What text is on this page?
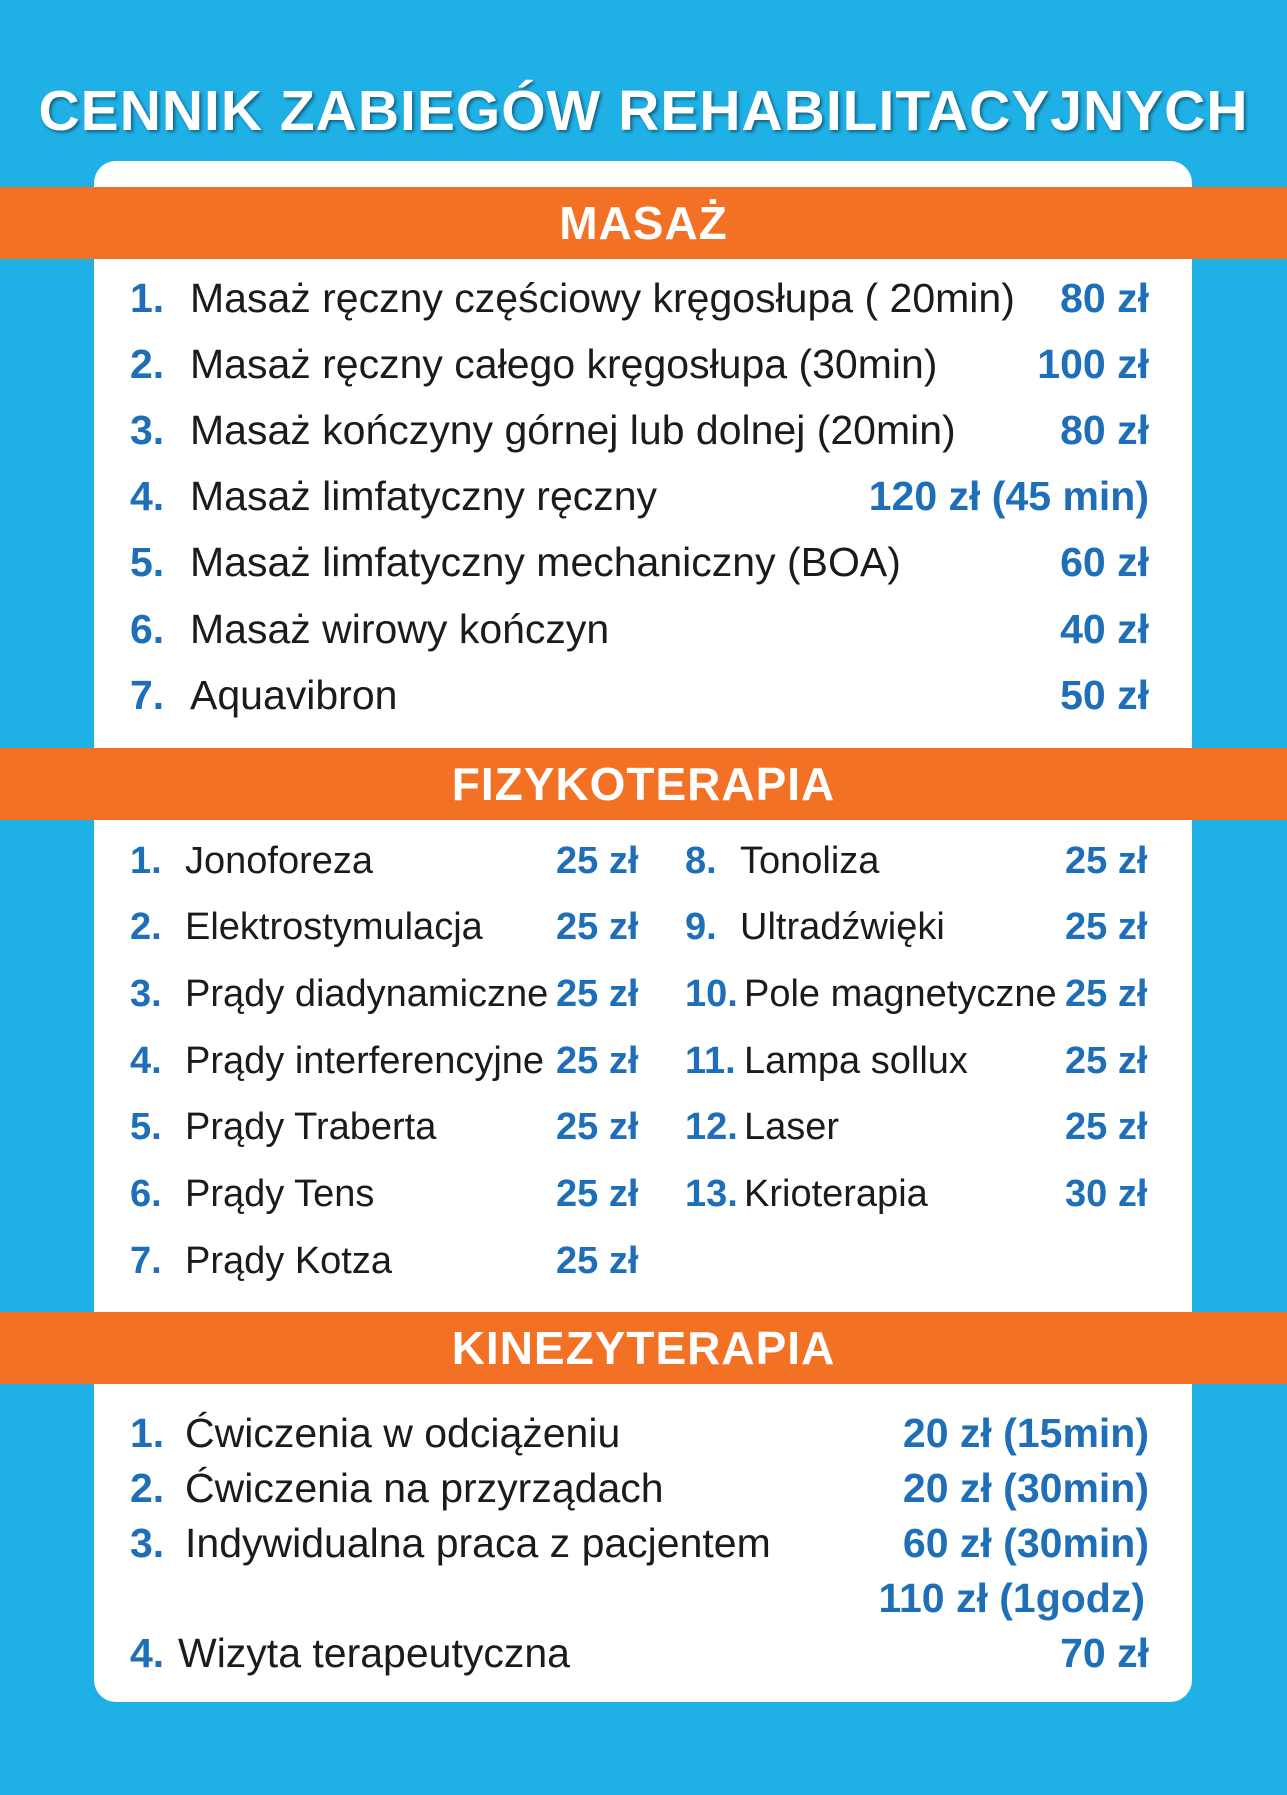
CENNIK ZABIEGÓW REHABILITACYJNYCH
MASAŻ
1. Masaż ręczny częściowy kręgosłupa ( 20min) 80 zł
2. Masaż ręczny całego kręgosłupa (30min) 100 zł
3. Masaż kończyny górnej lub dolnej (20min)	80 zł
4. Masaż limfatyczny ręczny	120 zł (45 min)
5. Masaż limfatyczny mechaniczny (BOA)	60 zł
6. Masaż wirowy kończyn	40 zł
7. Aquavibron	50 zł
FIZYKOTERAPIA
1. Jonoforeza	25 zł
2. Elektrostymulacja 25 zł
3. Prądy diadynamiczne 25 zł
4. Prądy interferencyjne 25 zł
5. Prądy Traberta	25 zł
6. Prądy Tens	25 zł
7. Prądy Kotza	25 zł
8. Tonoliza	25 zł
9. Ultradźwięki	25 zł
10. Pole magnetyczne 25 zł
11. Lampa sollux	25 zł
12. Laser	25 zł
13. Krioterapia	30 zł
KINEZYTERAPIA
1. Ćwiczenia w odciążeniu	20 zł (15min)
2. Ćwiczenia na przyrządach	20 zł (30min)
3. Indywidualna praca z pacjentem	60 zł (30min)
110 zł (1godz)
4. Wizyta terapeutyczna	70 zł
